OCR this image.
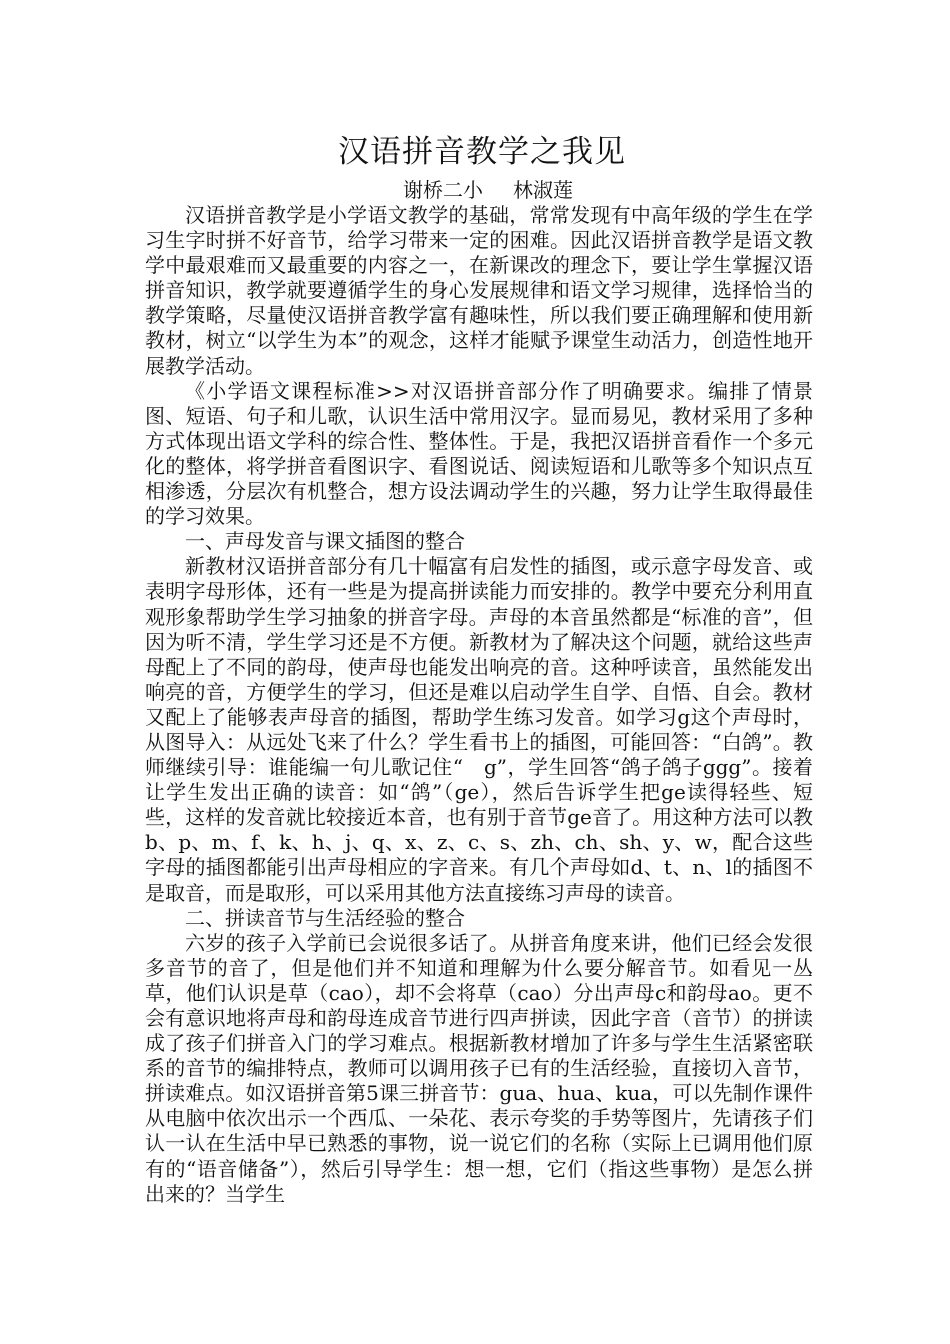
汉语拼音教学之我见
谢桥二小 林淑莲

汉语拼音教学是小学语文教学的基础，常常发现有中高年级的学生在学习生字时拼不好音节，给学习带来一定的困难。因此汉语拼音教学是语文教学中最艰难而又最重要的内容之一，在新课改的理念下，要让学生掌握汉语拼音知识，教学就要遵循学生的身心发展规律和语文学习规律，选择恰当的教学策略，尽量使汉语拼音教学富有趣味性，所以我们要正确理解和使用新教材，树立“以学生为本”的观念，这样才能赋予课堂生动活力，创造性地开展教学活动。

《小学语文课程标准>>对汉语拼音部分作了明确要求。编排了情景图、短语、句子和儿歌，认识生活中常用汉字。显而易见，教材采用了多种方式体现出语文学科的综合性、整体性。于是，我把汉语拼音看作一个多元化的整体，将学拼音看图识字、看图说话、阅读短语和儿歌等多个知识点互相渗透，分层次有机整合，想方设法调动学生的兴趣，努力让学生取得最佳的学习效果。

一、声母发音与课文插图的整合

新教材汉语拼音部分有几十幅富有启发性的插图，或示意字母发音、或表明字母形体，还有一些是为提高拼读能力而安排的。教学中要充分利用直观形象帮助学生学习抽象的拼音字母。声母的本音虽然都是“标准的音”，但因为听不清，学生学习还是不方便。新教材为了解决这个问题，就给这些声母配上了不同的韵母，使声母也能发出响亮的音。这种呼读音，虽然能发出响亮的音，方便学生的学习，但还是难以启动学生自学、自悟、自会。教材又配上了能够表声母音的插图，帮助学生练习发音。如学习g这个声母时，从图导入：从远处飞来了什么？学生看书上的插图，可能回答：“白鸽”。教师继续引导：谁能编一句儿歌记住“　g”，学生回答“鸽子鸽子ggg”。接着让学生发出正确的读音：如“鸽”（ge），然后告诉学生把ge读得轻些、短些，这样的发音就比较接近本音，也有别于音节ge音了。用这种方法可以教b、p、m、f、k、h、j、q、x、z、c、s、zh、ch、sh、y、w，配合这些字母的插图都能引出声母相应的字音来。有几个声母如d、t、n、l的插图不是取音，而是取形，可以采用其他方法直接练习声母的读音。

二、拼读音节与生活经验的整合

六岁的孩子入学前已会说很多话了。从拼音角度来讲，他们已经会发很多音节的音了，但是他们并不知道和理解为什么要分解音节。如看见一丛草，他们认识是草（cao），却不会将草（cao）分出声母c和韵母ao。更不会有意识地将声母和韵母连成音节进行四声拼读，因此字音（音节）的拼读成了孩子们拼音入门的学习难点。根据新教材增加了许多与学生生活紧密联系的音节的编排特点，教师可以调用孩子已有的生活经验，直接切入音节，拼读难点。如汉语拼音第5课三拼音节：gua、hua、kua，可以先制作课件从电脑中依次出示一个西瓜、一朵花、表示夸奖的手势等图片，先请孩子们认一认在生活中早已熟悉的事物，说一说它们的名称（实际上已调用他们原有的“语音储备”），然后引导学生：想一想，它们（指这些事物）是怎么拼出来的？当学生
